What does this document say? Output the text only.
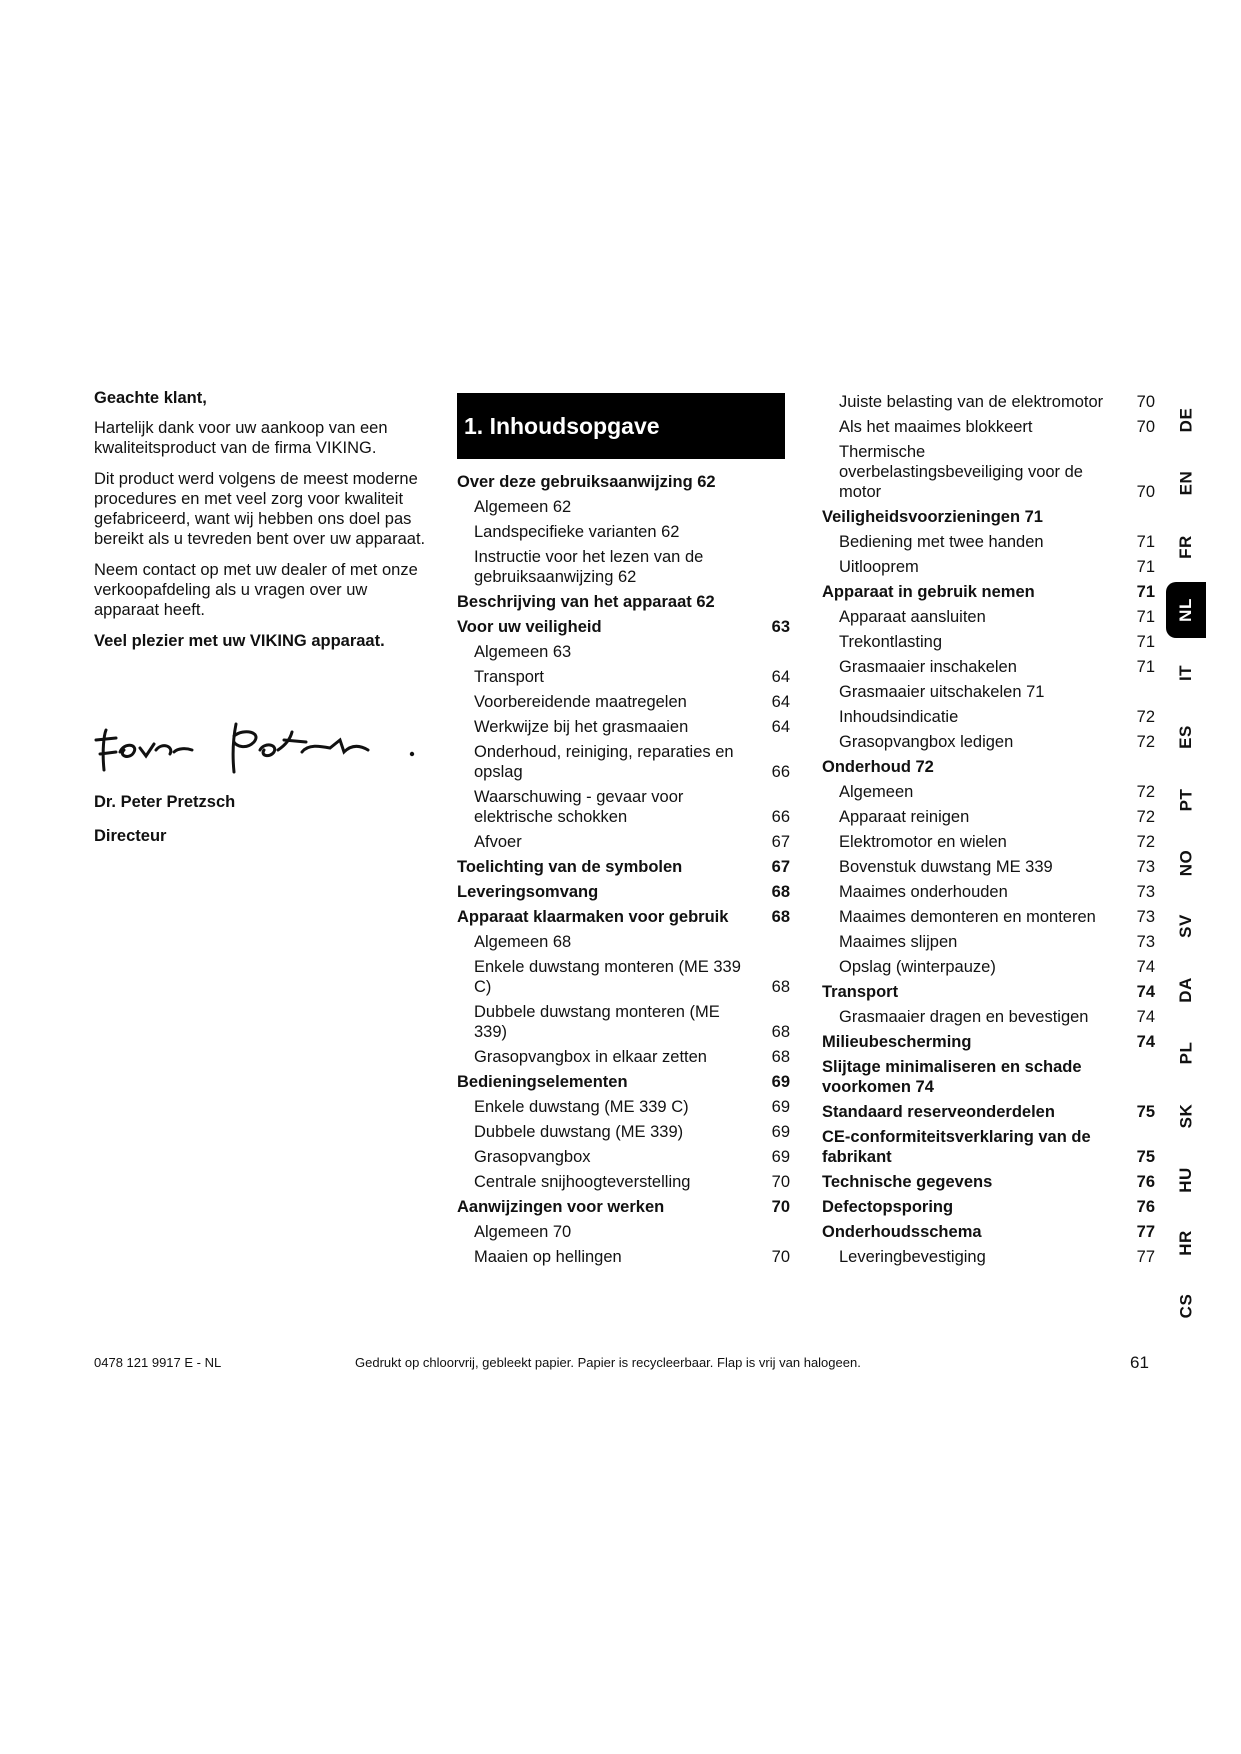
Geachte klant,

Hartelijk dank voor uw aankoop van een kwaliteitsproduct van de firma VIKING.

Dit product werd volgens de meest moderne procedures en met veel zorg voor kwaliteit gefabriceerd, want wij hebben ons doel pas bereikt als u tevreden bent over uw apparaat.

Neem contact op met uw dealer of met onze verkoopafdeling als u vragen over uw apparaat heeft.

Veel plezier met uw VIKING apparaat.

Dr. Peter Pretzsch
Directeur
1. Inhoudsopgave
Over deze gebruiksaanwijzing 62
Algemeen 62
Landspecifieke varianten 62
Instructie voor het lezen van de gebruiksaanwijzing 62
Beschrijving van het apparaat 62
Voor uw veiligheid	63
Algemeen 63
Transport	64
Voorbereidende maatregelen	64
Werkwijze bij het grasmaaien	64
Onderhoud, reiniging, reparaties en opslag	66
Waarschuwing - gevaar voor elektrische schokken	66
Afvoer	67
Toelichting van de symbolen	67
Leveringsomvang	68
Apparaat klaarmaken voor gebruik	68
Algemeen 68
Enkele duwstang monteren (ME 339 C)	68
Dubbele duwstang monteren (ME 339)	68
Grasopvangbox in elkaar zetten	68
Bedieningselementen	69
Enkele duwstang (ME 339 C)	69
Dubbele duwstang (ME 339)	69
Grasopvangbox	69
Centrale snijhoogteverstelling	70
Aanwijzingen voor werken	70
Algemeen 70
Maaien op hellingen	70
Juiste belasting van de elektromotor	70
Als het maaimes blokkeert	70
Thermische overbelastingsbeveiliging voor de motor	70
Veiligheidsvoorzieningen 71
Bediening met twee handen	71
Uitlooprem	71
Apparaat in gebruik nemen	71
Apparaat aansluiten	71
Trekontlasting	71
Grasmaaier inschakelen	71
Grasmaaier uitschakelen 71
Inhoudsindicatie	72
Grasopvangbox ledigen	72
Onderhoud 72
Algemeen	72
Apparaat reinigen	72
Elektromotor en wielen	72
Bovenstuk duwstang ME 339	73
Maaimes onderhouden	73
Maaimes demonteren en monteren	73
Maaimes slijpen	73
Opslag (winterpauze)	74
Transport	74
Grasmaaier dragen en bevestigen	74
Milieubescherming	74
Slijtage minimaliseren en schade voorkomen 74
Standaard reserveonderdelen	75
CE-conformiteitsverklaring van de fabrikant	75
Technische gegevens	76
Defectopsporing	76
Onderhoudsschema	77
Leveringbevestiging	77
DE
EN
FR
NL
IT
ES
PT
NO
SV
DA
PL
SK
HU
HR
CS
0478 121 9917 E - NL	Gedrukt op chloorvrij, gebleekt papier. Papier is recycleerbaar. Flap is vrij van halogeen.	61
